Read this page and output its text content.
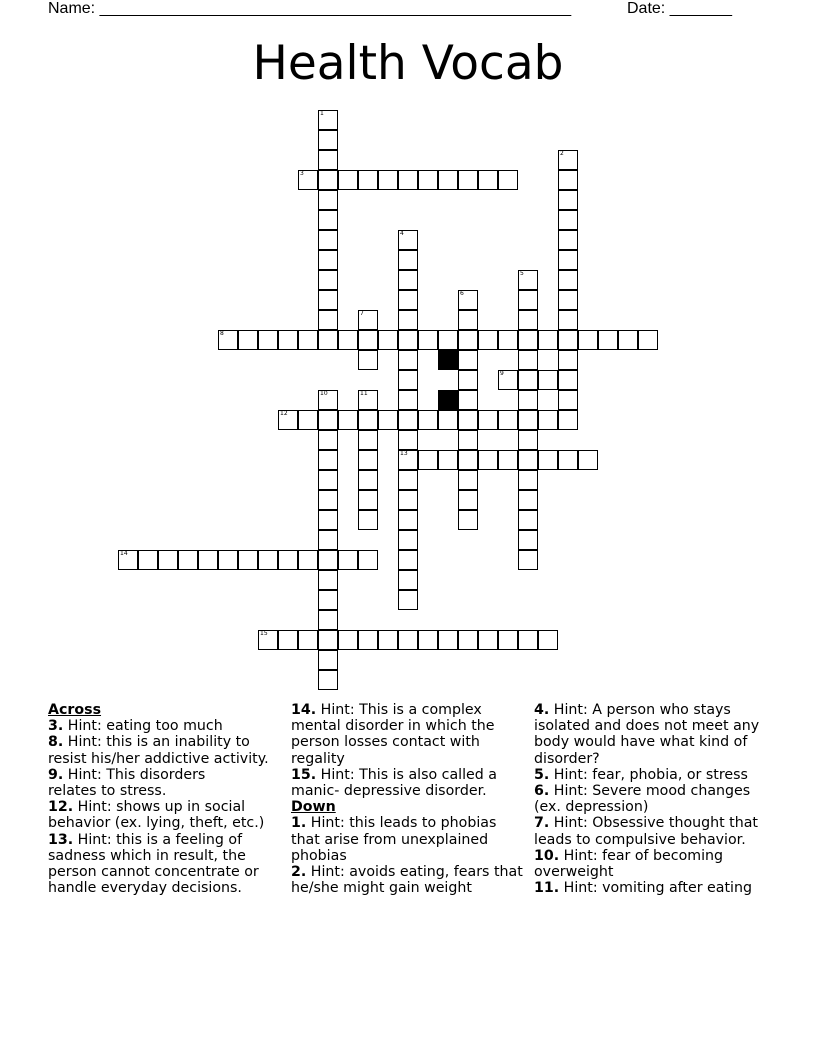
Name: _____________________________________________________	Date: _______
Health Vocab
1
2
3
4
13
5
6
7
8
9
10	11
12
14
15
Across
3. Hint: eating too much
8. Hint: this is an inability to resist his/her addictive activity.
9. Hint: This disorders relates to stress.
12. Hint: shows up in social behavior (ex. lying, theft, etc.)
13. Hint: this is a feeling of sadness which in result, the person cannot concentrate or handle everyday decisions.
14. Hint: This is a complex mental disorder in which the person losses contact with regality
15. Hint: This is also called a manic- depressive disorder.
Down
1. Hint: this leads to phobias that arise from unexplained phobias
2. Hint: avoids eating, fears that he/she might gain weight
4. Hint: A person who stays isolated and does not meet any body would have what kind of disorder?
5. Hint: fear, phobia, or stress
6. Hint: Severe mood changes (ex. depression)
7. Hint: Obsessive thought that leads to compulsive behavior.
10. Hint: fear of becoming overweight
11. Hint: vomiting after eating
